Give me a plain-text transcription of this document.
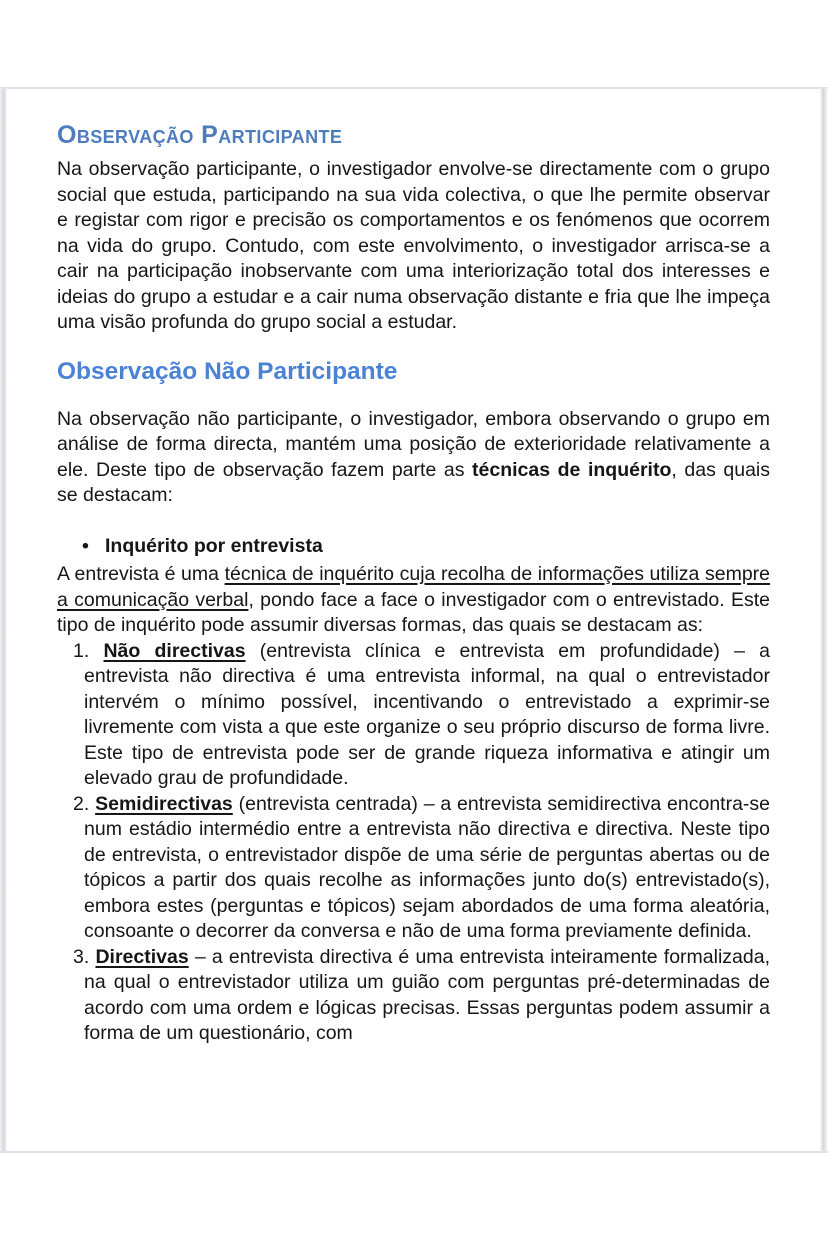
Observação Participante

Na observação participante, o investigador envolve-se directamente com o grupo social que estuda, participando na sua vida colectiva, o que lhe permite observar e registar com rigor e precisão os comportamentos e os fenómenos que ocorrem na vida do grupo. Contudo, com este envolvimento, o investigador arrisca-se a cair na participação inobservante com uma interiorização total dos interesses e ideias do grupo a estudar e a cair numa observação distante e fria que lhe impeça uma visão profunda do grupo social a estudar.

Observação Não Participante

Na observação não participante, o investigador, embora observando o grupo em análise de forma directa, mantém uma posição de exterioridade relativamente a ele. Deste tipo de observação fazem parte as técnicas de inquérito, das quais se destacam:

• Inquérito por entrevista

A entrevista é uma técnica de inquérito cuja recolha de informações utiliza sempre a comunicação verbal, pondo face a face o investigador com o entrevistado. Este tipo de inquérito pode assumir diversas formas, das quais se destacam as:

1. Não directivas (entrevista clínica e entrevista em profundidade) – a entrevista não directiva é uma entrevista informal, na qual o entrevistador intervém o mínimo possível, incentivando o entrevistado a exprimir-se livremente com vista a que este organize o seu próprio discurso de forma livre. Este tipo de entrevista pode ser de grande riqueza informativa e atingir um elevado grau de profundidade.
2. Semidirectivas (entrevista centrada) – a entrevista semidirectiva encontra-se num estádio intermédio entre a entrevista não directiva e directiva. Neste tipo de entrevista, o entrevistador dispõe de uma série de perguntas abertas ou de tópicos a partir dos quais recolhe as informações junto do(s) entrevistado(s), embora estes (perguntas e tópicos) sejam abordados de uma forma aleatória, consoante o decorrer da conversa e não de uma forma previamente definida.
3. Directivas – a entrevista directiva é uma entrevista inteiramente formalizada, na qual o entrevistador utiliza um guião com perguntas pré-determinadas de acordo com uma ordem e lógicas precisas. Essas perguntas podem assumir a forma de um questionário, com
